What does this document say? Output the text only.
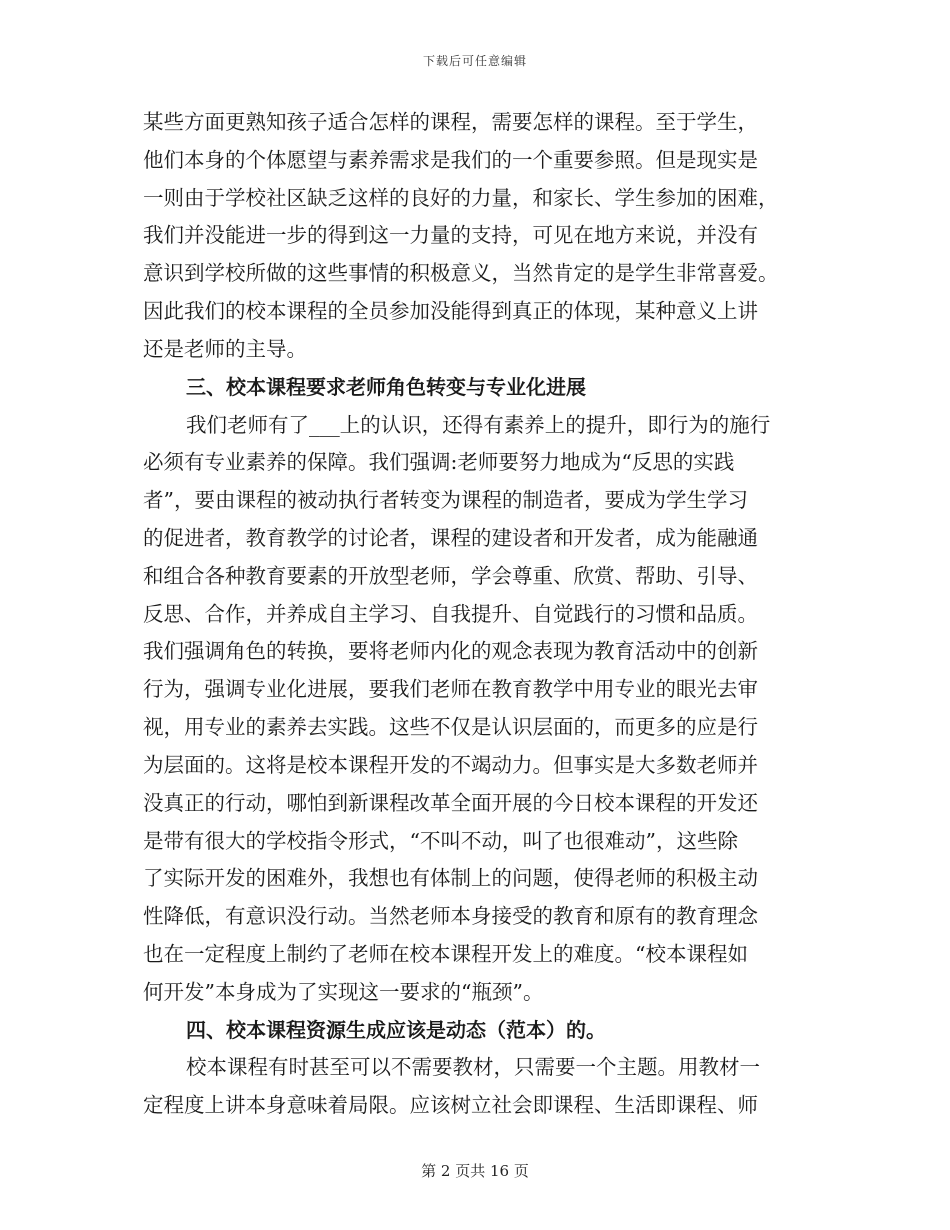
下载后可任意编辑
某些方面更熟知孩子适合怎样的课程，需要怎样的课程。至于学生，
他们本身的个体愿望与素养需求是我们的一个重要参照。但是现实是
一则由于学校社区缺乏这样的良好的力量，和家长、学生参加的困难，
我们并没能进一步的得到这一力量的支持，可见在地方来说，并没有
意识到学校所做的这些事情的积极意义，当然肯定的是学生非常喜爱。
因此我们的校本课程的全员参加没能得到真正的体现，某种意义上讲
还是老师的主导。
三、校本课程要求老师角色转变与专业化进展
我们老师有了___上的认识，还得有素养上的提升，即行为的施行
必须有专业素养的保障。我们强调:老师要努力地成为“反思的实践
者”，要由课程的被动执行者转变为课程的制造者，要成为学生学习
的促进者，教育教学的讨论者，课程的建设者和开发者，成为能融通
和组合各种教育要素的开放型老师，学会尊重、欣赏、帮助、引导、
反思、合作，并养成自主学习、自我提升、自觉践行的习惯和品质。
我们强调角色的转换，要将老师内化的观念表现为教育活动中的创新
行为，强调专业化进展，要我们老师在教育教学中用专业的眼光去审
视，用专业的素养去实践。这些不仅是认识层面的，而更多的应是行
为层面的。这将是校本课程开发的不竭动力。但事实是大多数老师并
没真正的行动，哪怕到新课程改革全面开展的今日校本课程的开发还
是带有很大的学校指令形式，“不叫不动，叫了也很难动”，这些除
了实际开发的困难外，我想也有体制上的问题，使得老师的积极主动
性降低，有意识没行动。当然老师本身接受的教育和原有的教育理念
也在一定程度上制约了老师在校本课程开发上的难度。“校本课程如
何开发”本身成为了实现这一要求的“瓶颈”。
四、校本课程资源生成应该是动态（范本）的。
校本课程有时甚至可以不需要教材，只需要一个主题。用教材一
定程度上讲本身意味着局限。应该树立社会即课程、生活即课程、师
第 2 页共 16 页
